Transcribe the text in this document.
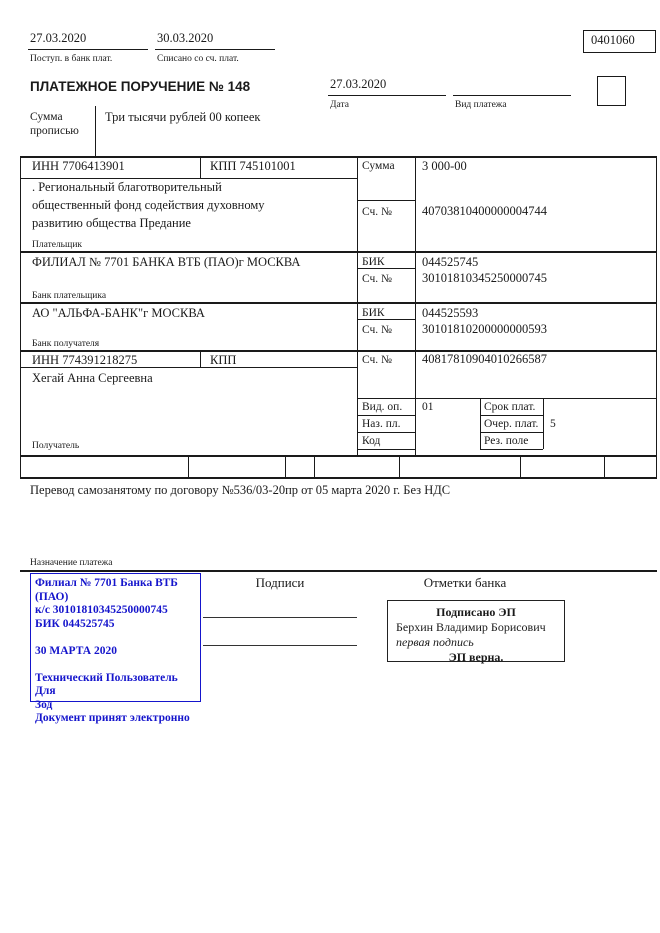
27.03.2020
Поступ. в банк плат.
30.03.2020
Списано со сч. плат.
0401060
ПЛАТЕЖНОЕ ПОРУЧЕНИЕ № 148	27.03.2020
Дата	Вид платежа
Сумма
прописью
Три тысячи рублей 00 копеек
ИНН 7706413901	КПП 745101001	Сумма 3 000-00
Сч. № 40703810400000004744
. Региональный благотворительный
общественный фонд содействия духовному
развитию общества Предание
Плательщик
ФИЛИАЛ № 7701 БАНКА ВТБ (ПАО)г МОСКВА	БИК	044525745
Сч. № 30101810345250000745
Банк плательщика
АО "АЛЬФА-БАНК"г МОСКВА	БИК	044525593
Сч. № 30101810200000000593
Банк получателя
ИНН 774391218275	КПП
Хегай Анна Сергеевна
Сч. № 40817810904010266587
Получатель
Вид. оп. 01	Срок плат.
Наз. пл.	Очер. плат. 5
Код	Рез. поле
Перевод самозанятому по договору №536/03-20пр от 05 марта 2020 г. Без НДС
Назначение платежа
Филиал № 7701 Банка ВТБ (ПАО)
к/с 30101810345250000745
БИК 044525745
30 МАРТА 2020
Технический Пользователь Для
Зод
Документ принят электронно
Подписи	Отметки банка
Подписано ЭП
Берхин Владимир Борисович
первая подпись
ЭП верна.
